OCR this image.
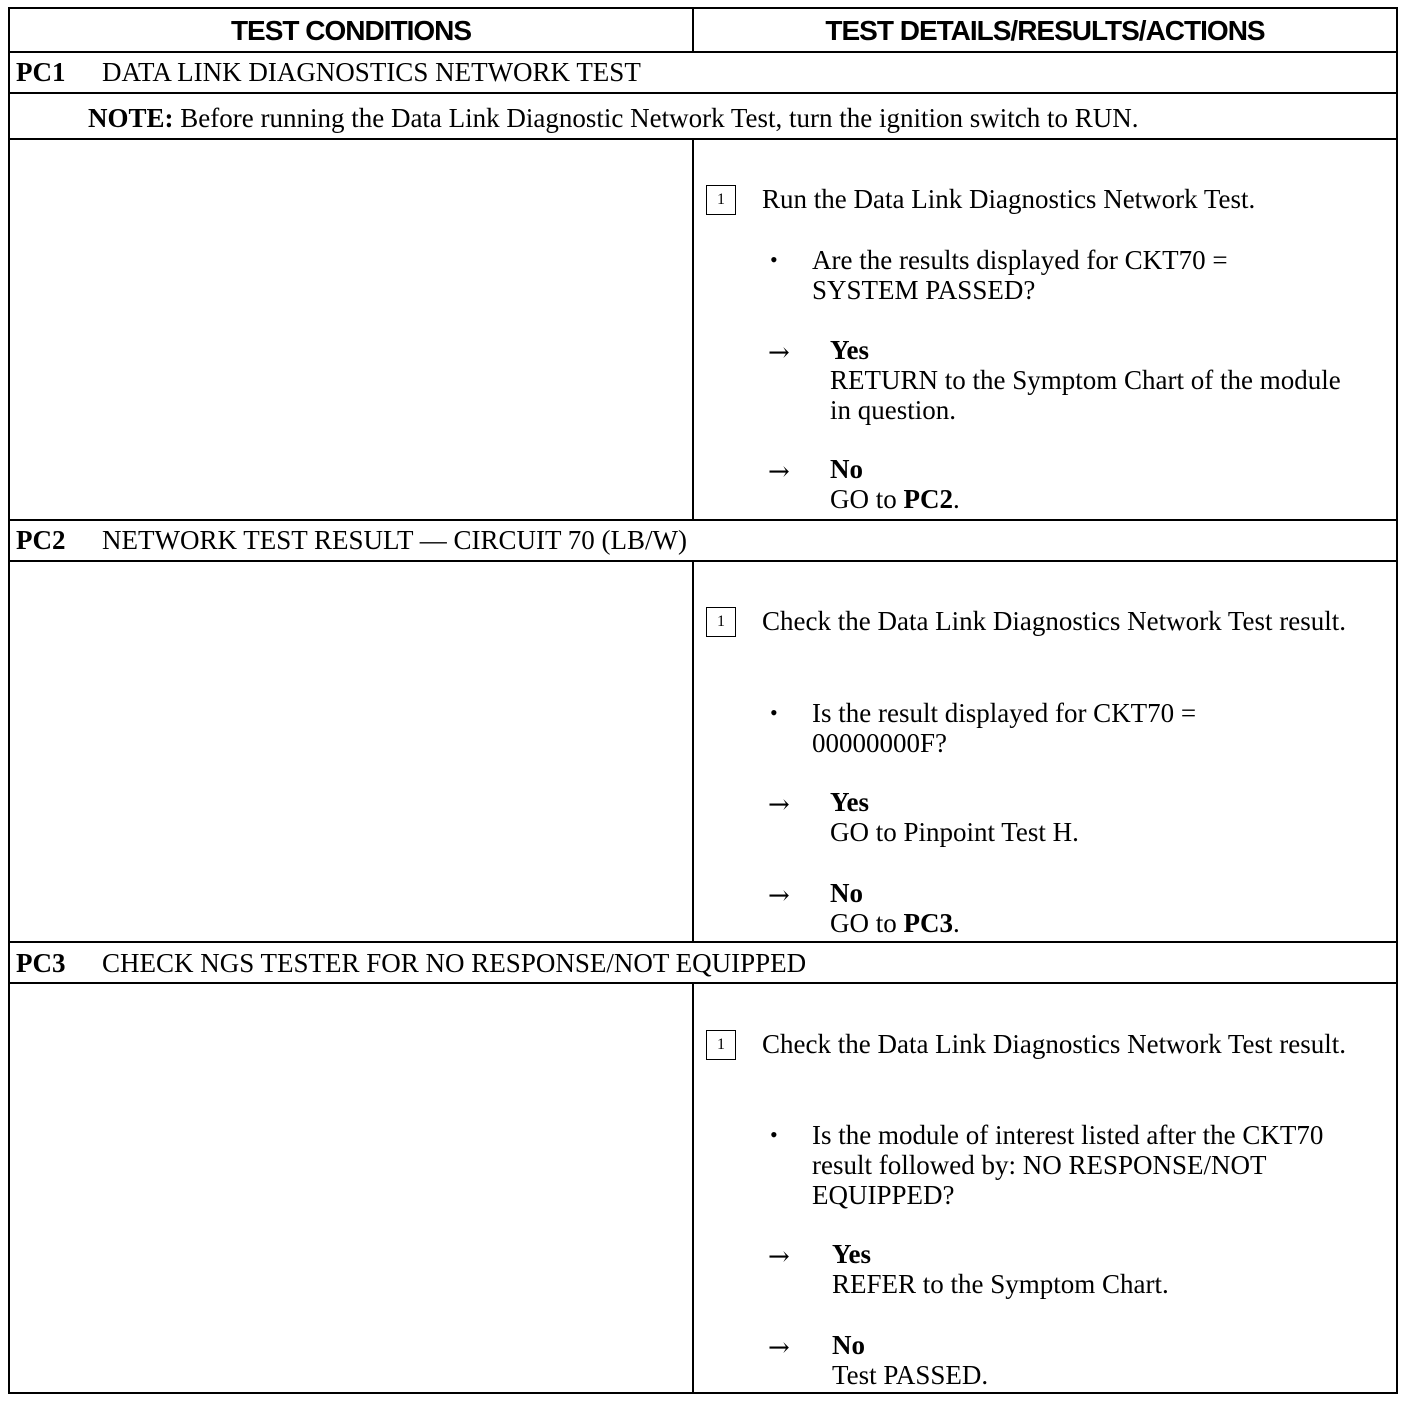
TEST CONDITIONS	TEST DETAILS/RESULTS/ACTIONS
PC1 DATA LINK DIAGNOSTICS NETWORK TEST
NOTE: Before running the Data Link Diagnostic Network Test, turn the ignition switch to RUN.
1	Run the Data Link Diagnostics Network Test.
• Are the results displayed for CKT70 = SYSTEM PASSED?
→ Yes
RETURN to the Symptom Chart of the module in question.
→ No
GO to PC2.
PC2 NETWORK TEST RESULT — CIRCUIT 70 (LB/W)
1	Check the Data Link Diagnostics Network Test result.
• Is the result displayed for CKT70 = 00000000F?
→ Yes
GO to Pinpoint Test H.
→ No
GO to PC3.
PC3 CHECK NGS TESTER FOR NO RESPONSE/NOT EQUIPPED
1	Check the Data Link Diagnostics Network Test result.
• Is the module of interest listed after the CKT70 result followed by: NO RESPONSE/NOT EQUIPPED?
→ Yes
REFER to the Symptom Chart.
→ No
Test PASSED.
